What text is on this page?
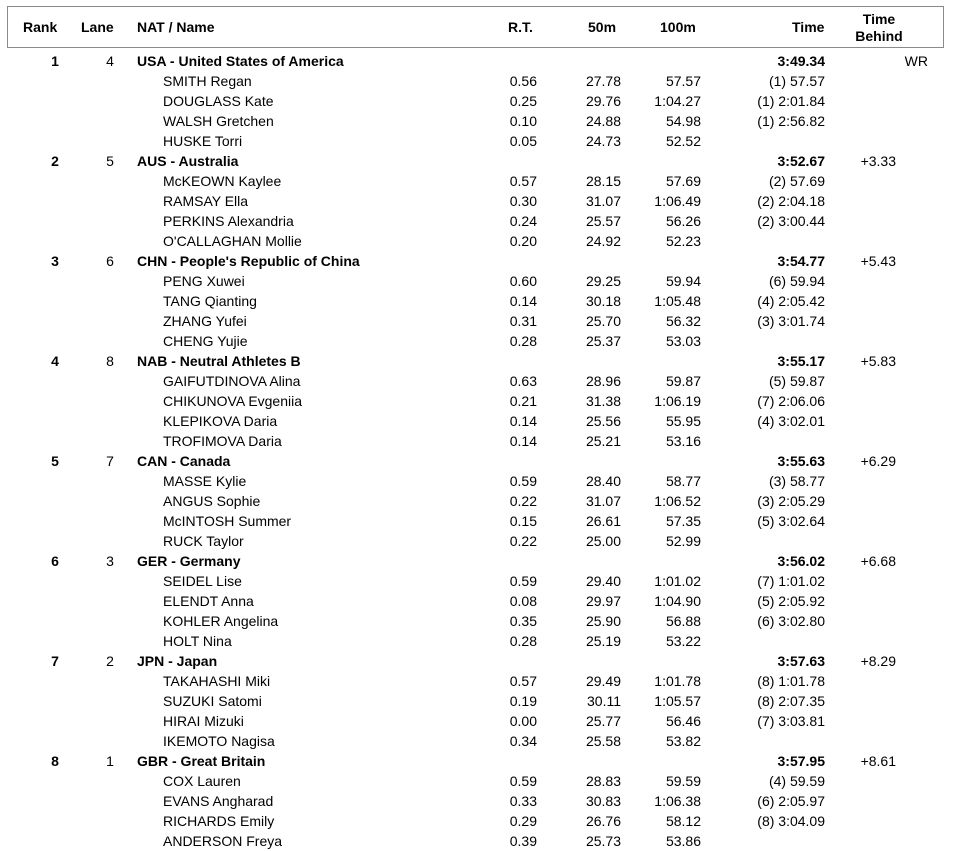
Rank Lane NAT / Name	R.T.	50m	100m	Time	Time
Behind
1	4	USA - United States of America	3:49.34	WR
SMITH Regan	0.56	27.78	57.57	(1) 57.57
DOUGLASS Kate	0.25	29.76	1:04.27	(1) 2:01.84
WALSH Gretchen	0.10	24.88	54.98	(1) 2:56.82
HUSKE Torri	0.05	24.73	52.52
2	5	AUS - Australia	3:52.67	+3.33
McKEOWN Kaylee	0.57	28.15	57.69	(2) 57.69
RAMSAY Ella	0.30	31.07	1:06.49	(2) 2:04.18
PERKINS Alexandria	0.24	25.57	56.26	(2) 3:00.44
O'CALLAGHAN Mollie	0.20	24.92	52.23
3	6	CHN - People's Republic of China	3:54.77	+5.43
PENG Xuwei	0.60	29.25	59.94	(6) 59.94
TANG Qianting	0.14	30.18	1:05.48	(4) 2:05.42
ZHANG Yufei	0.31	25.70	56.32	(3) 3:01.74
CHENG Yujie	0.28	25.37	53.03
4	8	NAB - Neutral Athletes B	3:55.17	+5.83
GAIFUTDINOVA Alina	0.63	28.96	59.87	(5) 59.87
CHIKUNOVA Evgeniia	0.21	31.38	1:06.19	(7) 2:06.06
KLEPIKOVA Daria	0.14	25.56	55.95	(4) 3:02.01
TROFIMOVA Daria	0.14	25.21	53.16
5	7	CAN - Canada	3:55.63	+6.29
MASSE Kylie	0.59	28.40	58.77	(3) 58.77
ANGUS Sophie	0.22	31.07	1:06.52	(3) 2:05.29
McINTOSH Summer	0.15	26.61	57.35	(5) 3:02.64
RUCK Taylor	0.22	25.00	52.99
6	3	GER - Germany	3:56.02	+6.68
SEIDEL Lise	0.59	29.40	1:01.02	(7) 1:01.02
ELENDT Anna	0.08	29.97	1:04.90	(5) 2:05.92
KOHLER Angelina	0.35	25.90	56.88	(6) 3:02.80
HOLT Nina	0.28	25.19	53.22
7	2	JPN - Japan	3:57.63	+8.29
TAKAHASHI Miki	0.57	29.49	1:01.78	(8) 1:01.78
SUZUKI Satomi	0.19	30.11	1:05.57	(8) 2:07.35
HIRAI Mizuki	0.00	25.77	56.46	(7) 3:03.81
IKEMOTO Nagisa	0.34	25.58	53.82
8	1	GBR - Great Britain	3:57.95	+8.61
COX Lauren	0.59	28.83	59.59	(4) 59.59
EVANS Angharad	0.33	30.83	1:06.38	(6) 2:05.97
RICHARDS Emily	0.29	26.76	58.12	(8) 3:04.09
ANDERSON Freya	0.39	25.73	53.86
